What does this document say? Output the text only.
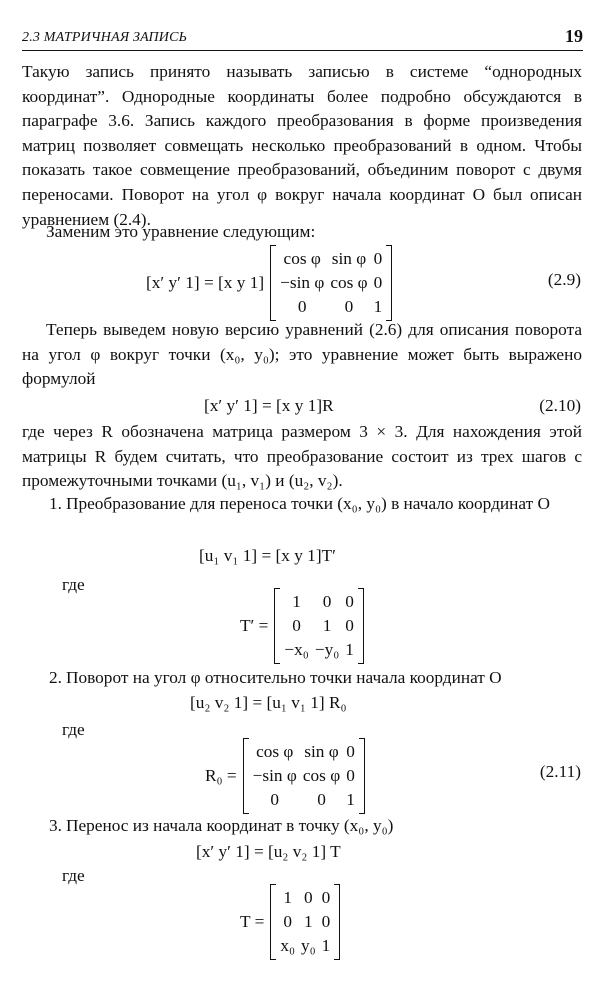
2.3 МАТРИЧНАЯ ЗАПИСЬ	19

Такую запись принято называть записью в системе “однородных координат”. Однородные координаты более подробно обсуждаются в параграфе 3.6. Запись каждого преобразования в форме произведения матриц позволяет совмещать несколько преобразований в одном. Чтобы показать такое совмещение преобразований, объединим поворот с двумя переносами. Поворот на угол φ вокруг начала координат O был описан уравнением (2.4).

Заменим это уравнение следующим:

[x′ y′ 1] = [x y 1]
cos φ sin φ 0
−sin φ cos φ 0
0	0	1
(2.9)

Теперь выведем новую версию уравнений (2.6) для описания поворота на угол φ вокруг точки (x₀, y₀); это уравнение может быть выражено формулой

[x′ y′ 1] = [x y 1]R	(2.10)

где через R обозначена матрица размером 3 × 3. Для нахождения этой матрицы R будем считать, что преобразование состоит из трех шагов с промежуточными точками (u₁, v₁) и (u₂, v₂).

1. Преобразование для переноса точки (x₀, y₀) в начало координат O

[u₁ v₁ 1] = [x y 1]T′
где
T′ =
1	0 0
0	1 0
−x₀ −y₀ 1

2. Поворот на угол φ относительно точки начала координат O

[u₂ v₂ 1] = [u₁ v₁ 1] R₀
где
R₀ =
cos φ sin φ 0
−sin φ cos φ 0
0	0	1
(2.11)

3. Перенос из начала координат в точку (x₀, y₀)

[x′ y′ 1] = [u₂ v₂ 1] T
где
T =
1 0 0
0 1 0
x₀ y₀ 1
